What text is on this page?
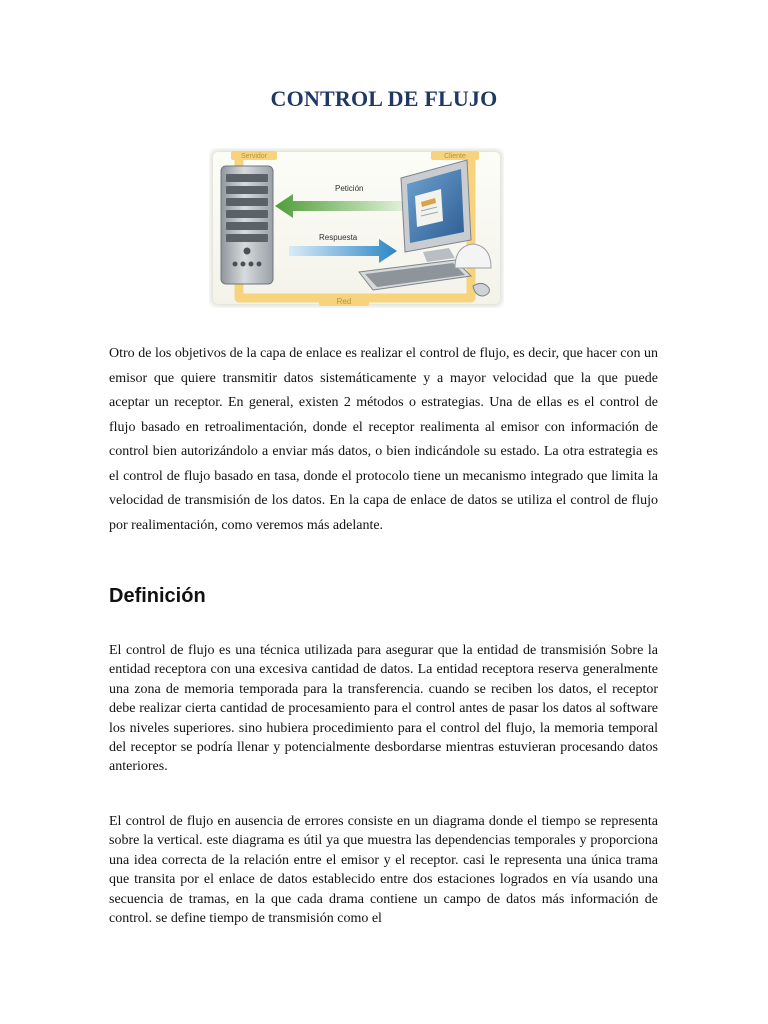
CONTROL DE FLUJO
Servidor	Cliente
Red
Petición
Respuesta

Otro de los objetivos de la capa de enlace es realizar el control de flujo, es decir, que hacer con un emisor que quiere transmitir datos sistemáticamente y a mayor velocidad que la que puede aceptar un receptor. En general, existen 2 métodos o estrategias. Una de ellas es el control de flujo basado en retroalimentación, donde el receptor realimenta al emisor con información de control bien autorizándolo a enviar más datos, o bien indicándole su estado. La otra estrategia es el control de flujo basado en tasa, donde el protocolo tiene un mecanismo integrado que limita la velocidad de transmisión de los datos. En la capa de enlace de datos se utiliza el control de flujo por realimentación, como veremos más adelante.

Definición

El control de flujo es una técnica utilizada para asegurar que la entidad de transmisión Sobre la entidad receptora con una excesiva cantidad de datos. La entidad receptora reserva generalmente una zona de memoria temporada para la transferencia. cuando se reciben los datos, el receptor debe realizar cierta cantidad de procesamiento para el control antes de pasar los datos al software los niveles superiores. sino hubiera procedimiento para el control del flujo, la memoria temporal del receptor se podría llenar y potencialmente desbordarse mientras estuvieran procesando datos anteriores.

El control de flujo en ausencia de errores consiste en un diagrama donde el tiempo se representa sobre la vertical. este diagrama es útil ya que muestra las dependencias temporales y proporciona una idea correcta de la relación entre el emisor y el receptor. casi le representa una única trama que transita por el enlace de datos establecido entre dos estaciones logrados en vía usando una secuencia de tramas, en la que cada drama contiene un campo de datos más información de control. se define tiempo de transmisión como el
